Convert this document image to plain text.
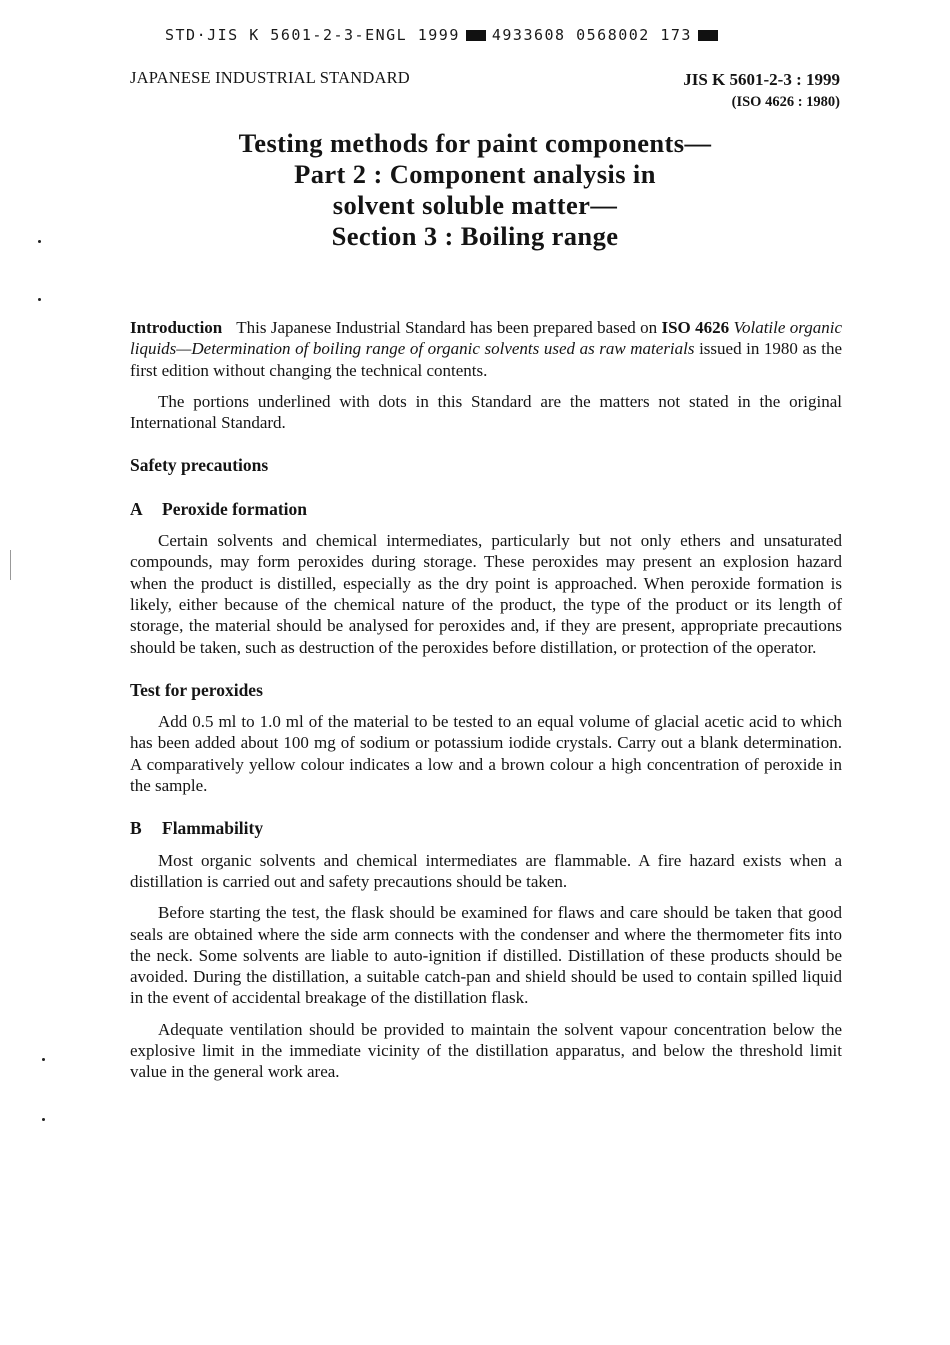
STD·JIS K 5601-2-3-ENGL 1999 4933608 0568002 173
JAPANESE INDUSTRIAL STANDARD	JIS K 5601-2-3 : 1999
(ISO 4626 : 1980)
Testing methods for paint components—
Part 2 : Component analysis in
solvent soluble matter—
Section 3 : Boiling range

Introduction This Japanese Industrial Standard has been prepared based on ISO 4626 Volatile organic liquids—Determination of boiling range of organic solvents used as raw materials issued in 1980 as the first edition without changing the technical contents.

The portions underlined with dots in this Standard are the matters not stated in the original International Standard.

Safety precautions
A Peroxide formation

Certain solvents and chemical intermediates, particularly but not only ethers and unsaturated compounds, may form peroxides during storage. These peroxides may present an explosion hazard when the product is distilled, especially as the dry point is approached. When peroxide formation is likely, either because of the chemical nature of the product, the type of the product or its length of storage, the material should be analysed for peroxides and, if they are present, appropriate precautions should be taken, such as destruction of the peroxides before distillation, or protection of the operator.

Test for peroxides

Add 0.5 ml to 1.0 ml of the material to be tested to an equal volume of glacial acetic acid to which has been added about 100 mg of sodium or potassium iodide crystals. Carry out a blank determination. A comparatively yellow colour indicates a low and a brown colour a high concentration of peroxide in the sample.

B Flammability

Most organic solvents and chemical intermediates are flammable. A fire hazard exists when a distillation is carried out and safety precautions should be taken.

Before starting the test, the flask should be examined for flaws and care should be taken that good seals are obtained where the side arm connects with the condenser and where the thermometer fits into the neck. Some solvents are liable to auto-ignition if distilled. Distillation of these products should be avoided. During the distillation, a suitable catch-pan and shield should be used to contain spilled liquid in the event of accidental breakage of the distillation flask.

Adequate ventilation should be provided to maintain the solvent vapour concentration below the explosive limit in the immediate vicinity of the distillation apparatus, and below the threshold limit value in the general work area.
